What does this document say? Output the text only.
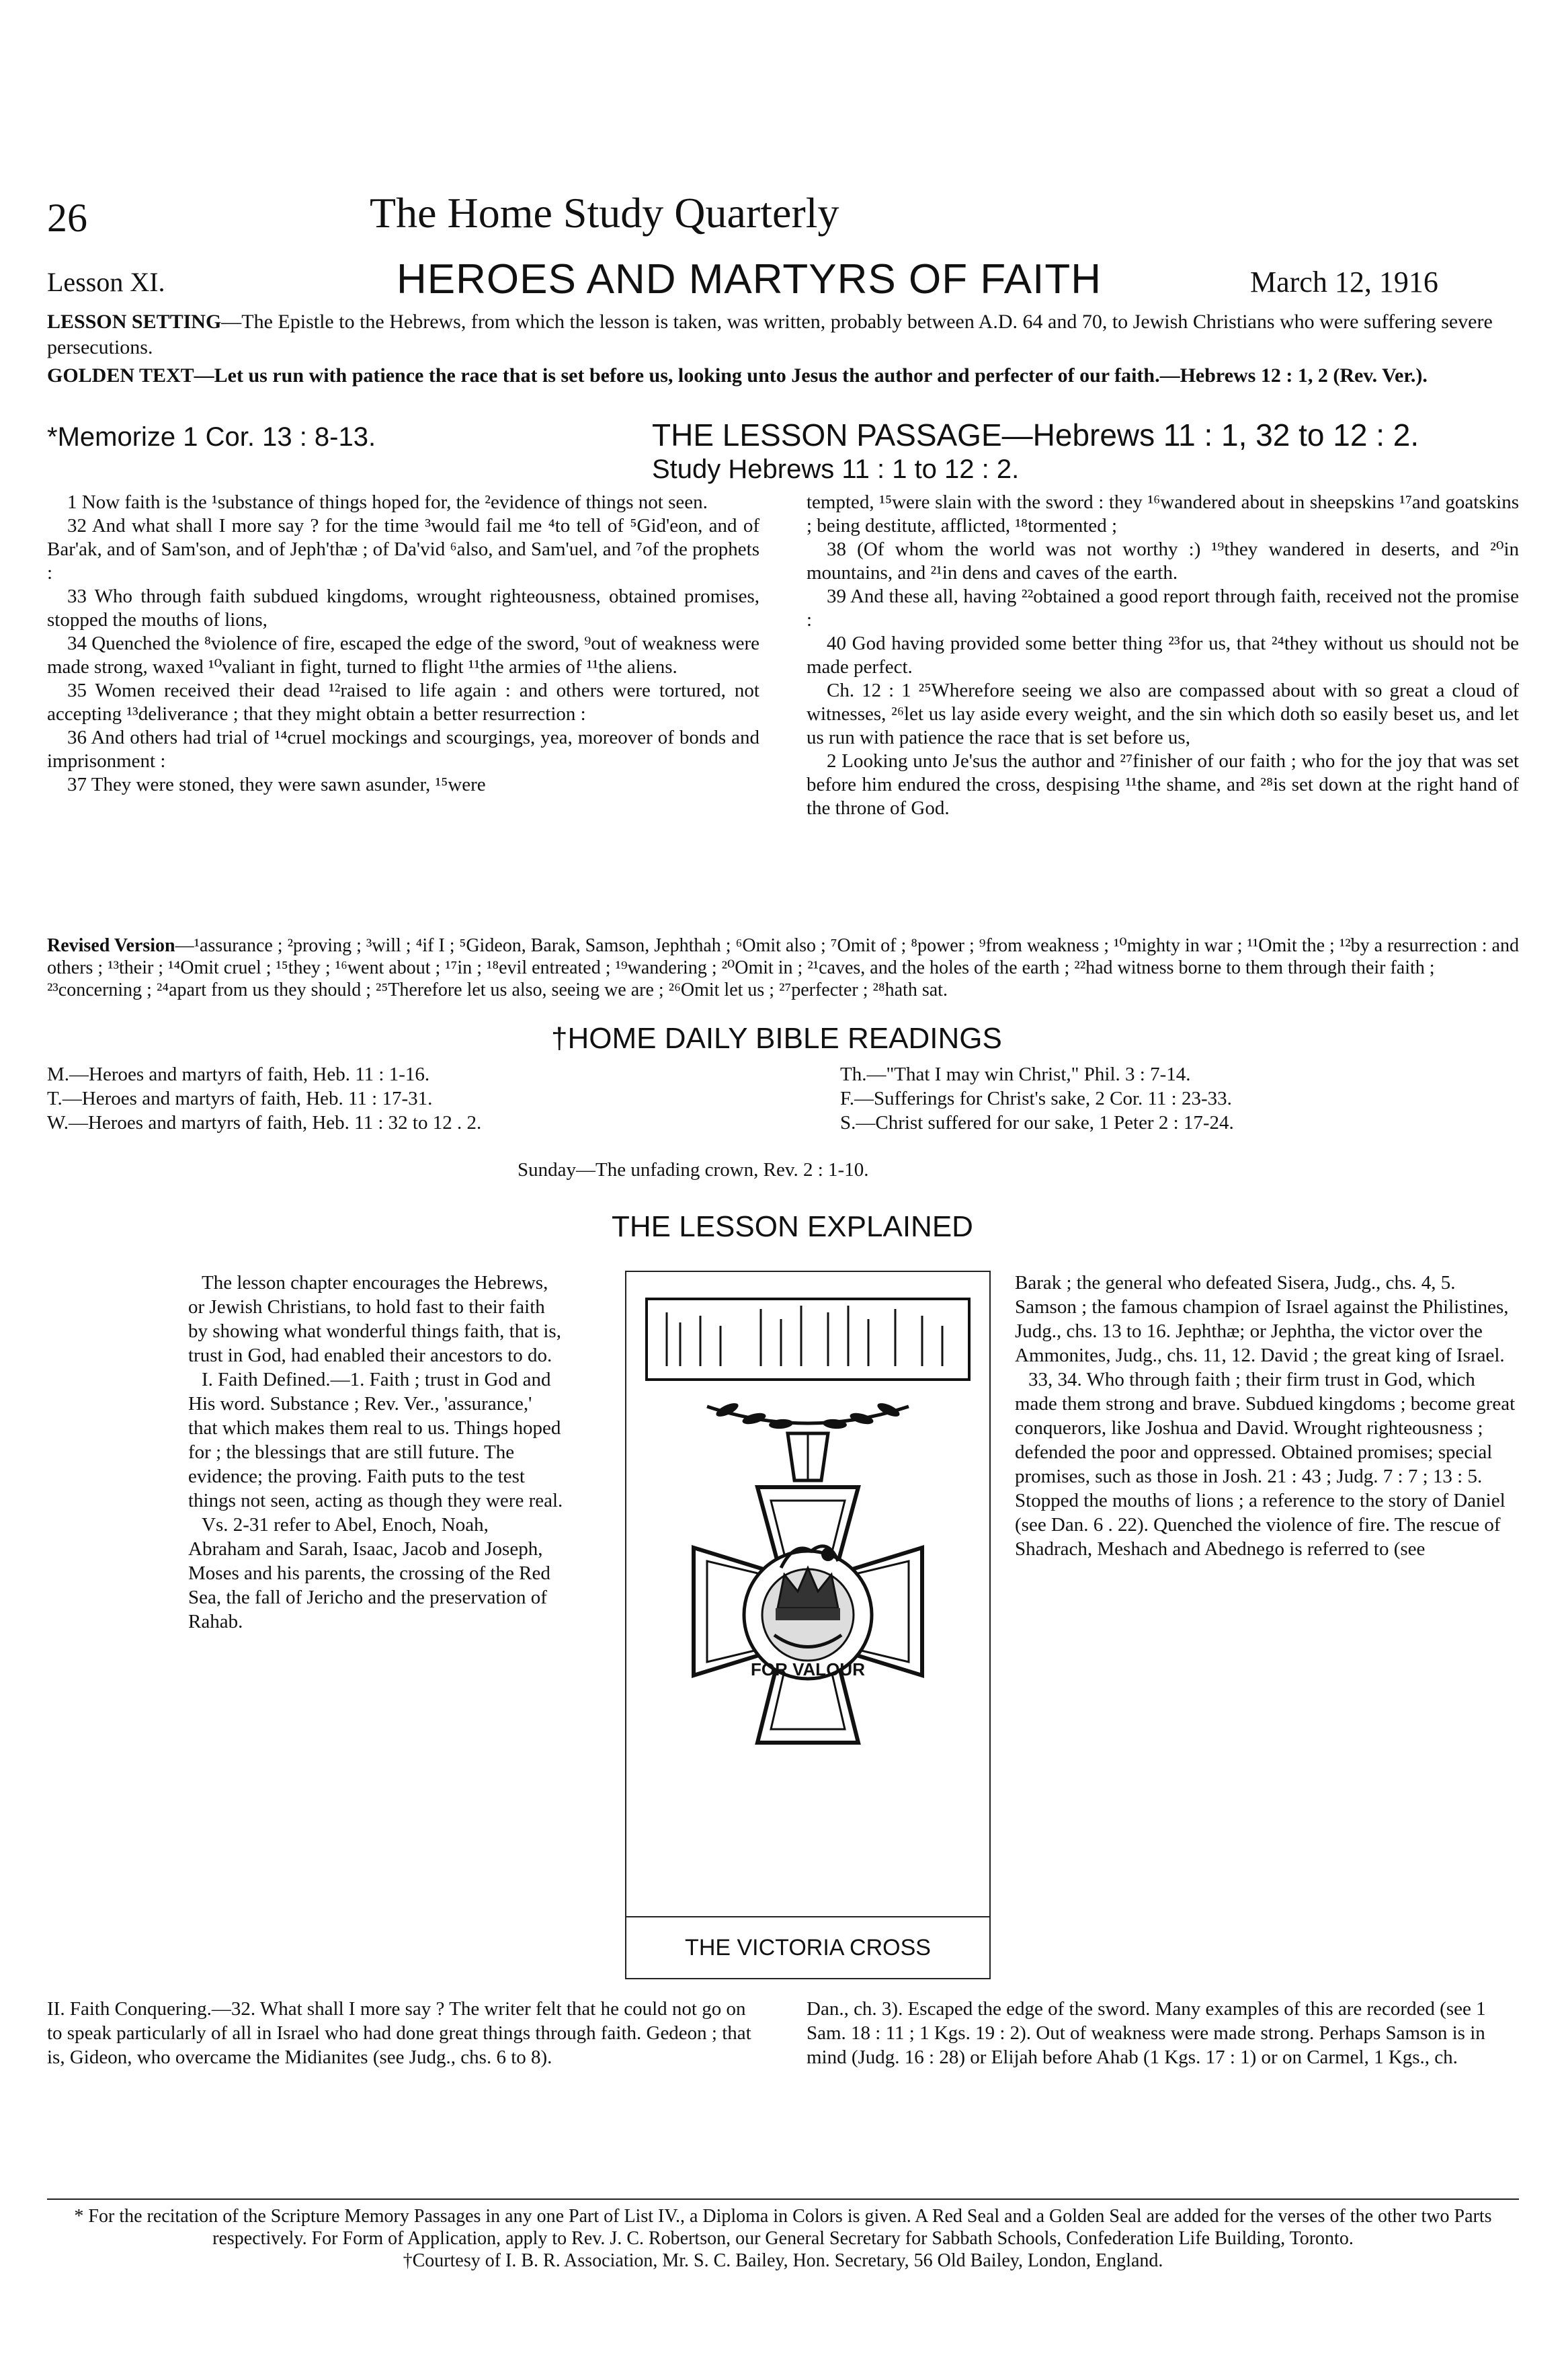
26	The Home Study Quarterly
Lesson XI.	HEROES AND MARTYRS OF FAITH	March 12, 1916
LESSON SETTING—The Epistle to the Hebrews, from which the lesson is taken, was written, probably between A.D. 64 and 70, to Jewish Christians who were suffering severe persecutions.
GOLDEN TEXT—Let us run with patience the race that is set before us, looking unto Jesus the author and perfecter of our faith.—Hebrews 12 : 1, 2 (Rev. Ver.).
*Memorize 1 Cor. 13 : 8-13.	THE LESSON PASSAGE—Hebrews 11 : 1, 32 to 12 : 2.
Study Hebrews 11 : 1 to 12 : 2.

1 Now faith is the ¹substance of things hoped for, the ²evidence of things not seen.

32 And what shall I more say ? for the time ³would fail me ⁴to tell of ⁵Gid'eon, and of Bar'ak, and of Sam'son, and of Jeph'thæ ; of Da'vid ⁶also, and Sam'uel, and ⁷of the prophets :

33 Who through faith subdued kingdoms, wrought righteousness, obtained promises, stopped the mouths of lions,

34 Quenched the ⁸violence of fire, escaped the edge of the sword, ⁹out of weakness were made strong, waxed ¹⁰valiant in fight, turned to flight ¹¹the armies of ¹¹the aliens.

35 Women received their dead ¹²raised to life again : and others were tortured, not accepting ¹³deliverance ; that they might obtain a better resurrection :

36 And others had trial of ¹⁴cruel mockings and scourgings, yea, moreover of bonds and imprisonment :

37 They were stoned, they were sawn asunder, ¹⁵were

tempted, ¹⁵were slain with the sword : they ¹⁶wandered about in sheepskins ¹⁷and goatskins ; being destitute, afflicted, ¹⁸tormented ;

38 (Of whom the world was not worthy :) ¹⁹they wandered in deserts, and ²⁰in mountains, and ²¹in dens and caves of the earth.

39 And these all, having ²²obtained a good report through faith, received not the promise :

40 God having provided some better thing ²³for us, that ²⁴they without us should not be made perfect.

Ch. 12 : 1 ²⁵Wherefore seeing we also are compassed about with so great a cloud of witnesses, ²⁶let us lay aside every weight, and the sin which doth so easily beset us, and let us run with patience the race that is set before us,

2 Looking unto Je'sus the author and ²⁷finisher of our faith ; who for the joy that was set before him endured the cross, despising ¹¹the shame, and ²⁸is set down at the right hand of the throne of God.

Revised Version—¹assurance ; ²proving ; ³will ; ⁴if I ; ⁵Gideon, Barak, Samson, Jephthah ; ⁶Omit also ; ⁷Omit of ; ⁸power ; ⁹from weakness ; ¹⁰mighty in war ; ¹¹Omit the ; ¹²by a resurrection : and others ; ¹³their ; ¹⁴Omit cruel ; ¹⁵they ; ¹⁶went about ; ¹⁷in ; ¹⁸evil entreated ; ¹⁹wandering ; ²⁰Omit in ; ²¹caves, and the holes of the earth ; ²²had witness borne to them through their faith ; ²³concerning ; ²⁴apart from us they should ; ²⁵Therefore let us also, seeing we are ; ²⁶Omit let us ; ²⁷perfecter ; ²⁸hath sat.
†HOME DAILY BIBLE READINGS
M.—Heroes and martyrs of faith, Heb. 11 : 1-16.	Th.—"That I may win Christ," Phil. 3 : 7-14.
T.—Heroes and martyrs of faith, Heb. 11 : 17-31.	F.—Sufferings for Christ's sake, 2 Cor. 11 : 23-33.
W.—Heroes and martyrs of faith, Heb. 11 : 32 to 12 . 2.	S.—Christ suffered for our sake, 1 Peter 2 : 17-24.
Sunday—The unfading crown, Rev. 2 : 1-10.
THE LESSON EXPLAINED

The lesson chapter encourages the Hebrews, or Jewish Christians, to hold fast to their faith by showing what wonderful things faith, that is, trust in God, had enabled their ancestors to do.

I. Faith Defined.—1. Faith ; trust in God and His word. Substance ; Rev. Ver., 'assurance,' that which makes them real to us. Things hoped for ; the blessings that are still future. The evidence; the proving. Faith puts to the test things not seen, acting as though they were real.

Vs. 2-31 refer to Abel, Enoch, Noah, Abraham and Sarah, Isaac, Jacob and Joseph, Moses and his parents, the crossing of the Red Sea, the fall of Jericho and the preservation of Rahab.

II. Faith Conquering.—32. What shall I more say ? The writer felt that he could not go on to speak particularly of all in Israel who had done great things through faith. Gedeon ; that is, Gideon, who overcame the Midianites (see Judg., chs. 6 to 8).

Barak ; the general who defeated Sisera, Judg., chs. 4, 5. Samson ; the famous champion of Israel against the Philistines, Judg., chs. 13 to 16. Jephthæ; or Jephtha, the victor over the Ammonites, Judg., chs. 11, 12. David ; the great king of Israel.

33, 34. Who through faith ; their firm trust in God, which made them strong and brave. Subdued kingdoms ; become great conquerors, like Joshua and David. Wrought righteousness ; defended the poor and oppressed. Obtained promises; special promises, such as those in Josh. 21 : 43 ; Judg. 7 : 7 ; 13 : 5. Stopped the mouths of lions ; a reference to the story of Daniel (see Dan. 6 . 22). Quenched the violence of fire. The rescue of Shadrach, Meshach and Abednego is referred to (see

Dan., ch. 3). Escaped the edge of the sword. Many examples of this are recorded (see 1 Sam. 18 : 11 ; 1 Kgs. 19 : 2). Out of weakness were made strong. Perhaps Samson is in mind (Judg. 16 : 28) or Elijah before Ahab (1 Kgs. 17 : 1) or on Carmel, 1 Kgs., ch.

FOR VALOUR
THE VICTORIA CROSS
* For the recitation of the Scripture Memory Passages in any one Part of List IV., a Diploma in Colors is given. A Red Seal and a Golden Seal are added for the verses of the other two Parts respectively. For Form of Application, apply to Rev. J. C. Robertson, our General Secretary for Sabbath Schools, Confederation Life Building, Toronto.
†Courtesy of I. B. R. Association, Mr. S. C. Bailey, Hon. Secretary, 56 Old Bailey, London, England.
